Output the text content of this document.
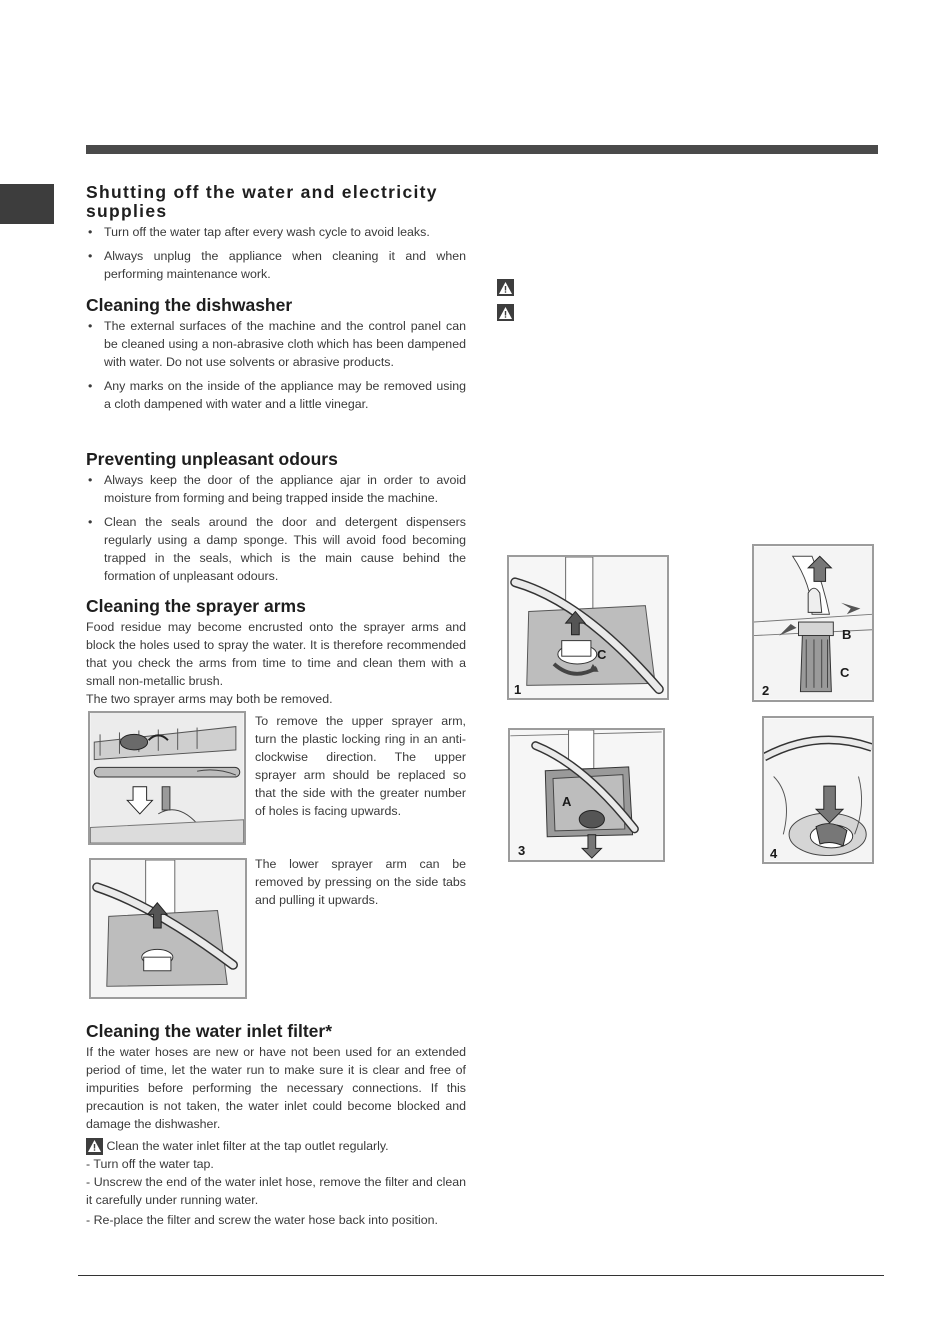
Shutting off the water and electricity supplies
• Turn off the water tap after every wash cycle to avoid leaks.
• Always unplug the appliance when cleaning it and when performing maintenance work.
Cleaning the dishwasher
• The external surfaces of the machine and the control panel can be cleaned using a non-abrasive cloth which has been dampened with water. Do not use solvents or abrasive products.
• Any marks on the inside of the appliance may be removed using a cloth dampened with water and a little vinegar.
Preventing unpleasant odours
• Always keep the door of the appliance ajar in order to avoid moisture from forming and being trapped inside the machine.
• Clean the seals around the door and detergent dispensers regularly using a damp sponge. This will avoid food becoming trapped in the seals, which is the main cause behind the formation of unpleasant odours.
Cleaning the sprayer arms

Food residue may become encrusted onto the sprayer arms and block the holes used to spray the water. It is therefore recommended that you check the arms from time to time and clean them with a small non-metallic brush.

The two sprayer arms may both be removed.

To remove the upper sprayer arm, turn the plastic locking ring in an anti-clockwise direction. The upper sprayer arm should be replaced so that the side with the greater number of holes is facing upwards.

The lower sprayer arm can be removed by pressing on the side tabs and pulling it upwards.

Cleaning the water inlet filter*

If the water hoses are new or have not been used for an extended period of time, let the water run to make sure it is clear and free of impurities before performing the necessary connections. If this precaution is not taken, the water inlet could become blocked and damage the dishwasher.

Clean the water inlet filter at the tap outlet regularly.

- Turn off the water tap.

- Unscrew the end of the water inlet hose, remove the filter and clean it carefully under running water.

- Re-place the filter and screw the water hose back into position.

C
1
B
C
2
A
3	4
